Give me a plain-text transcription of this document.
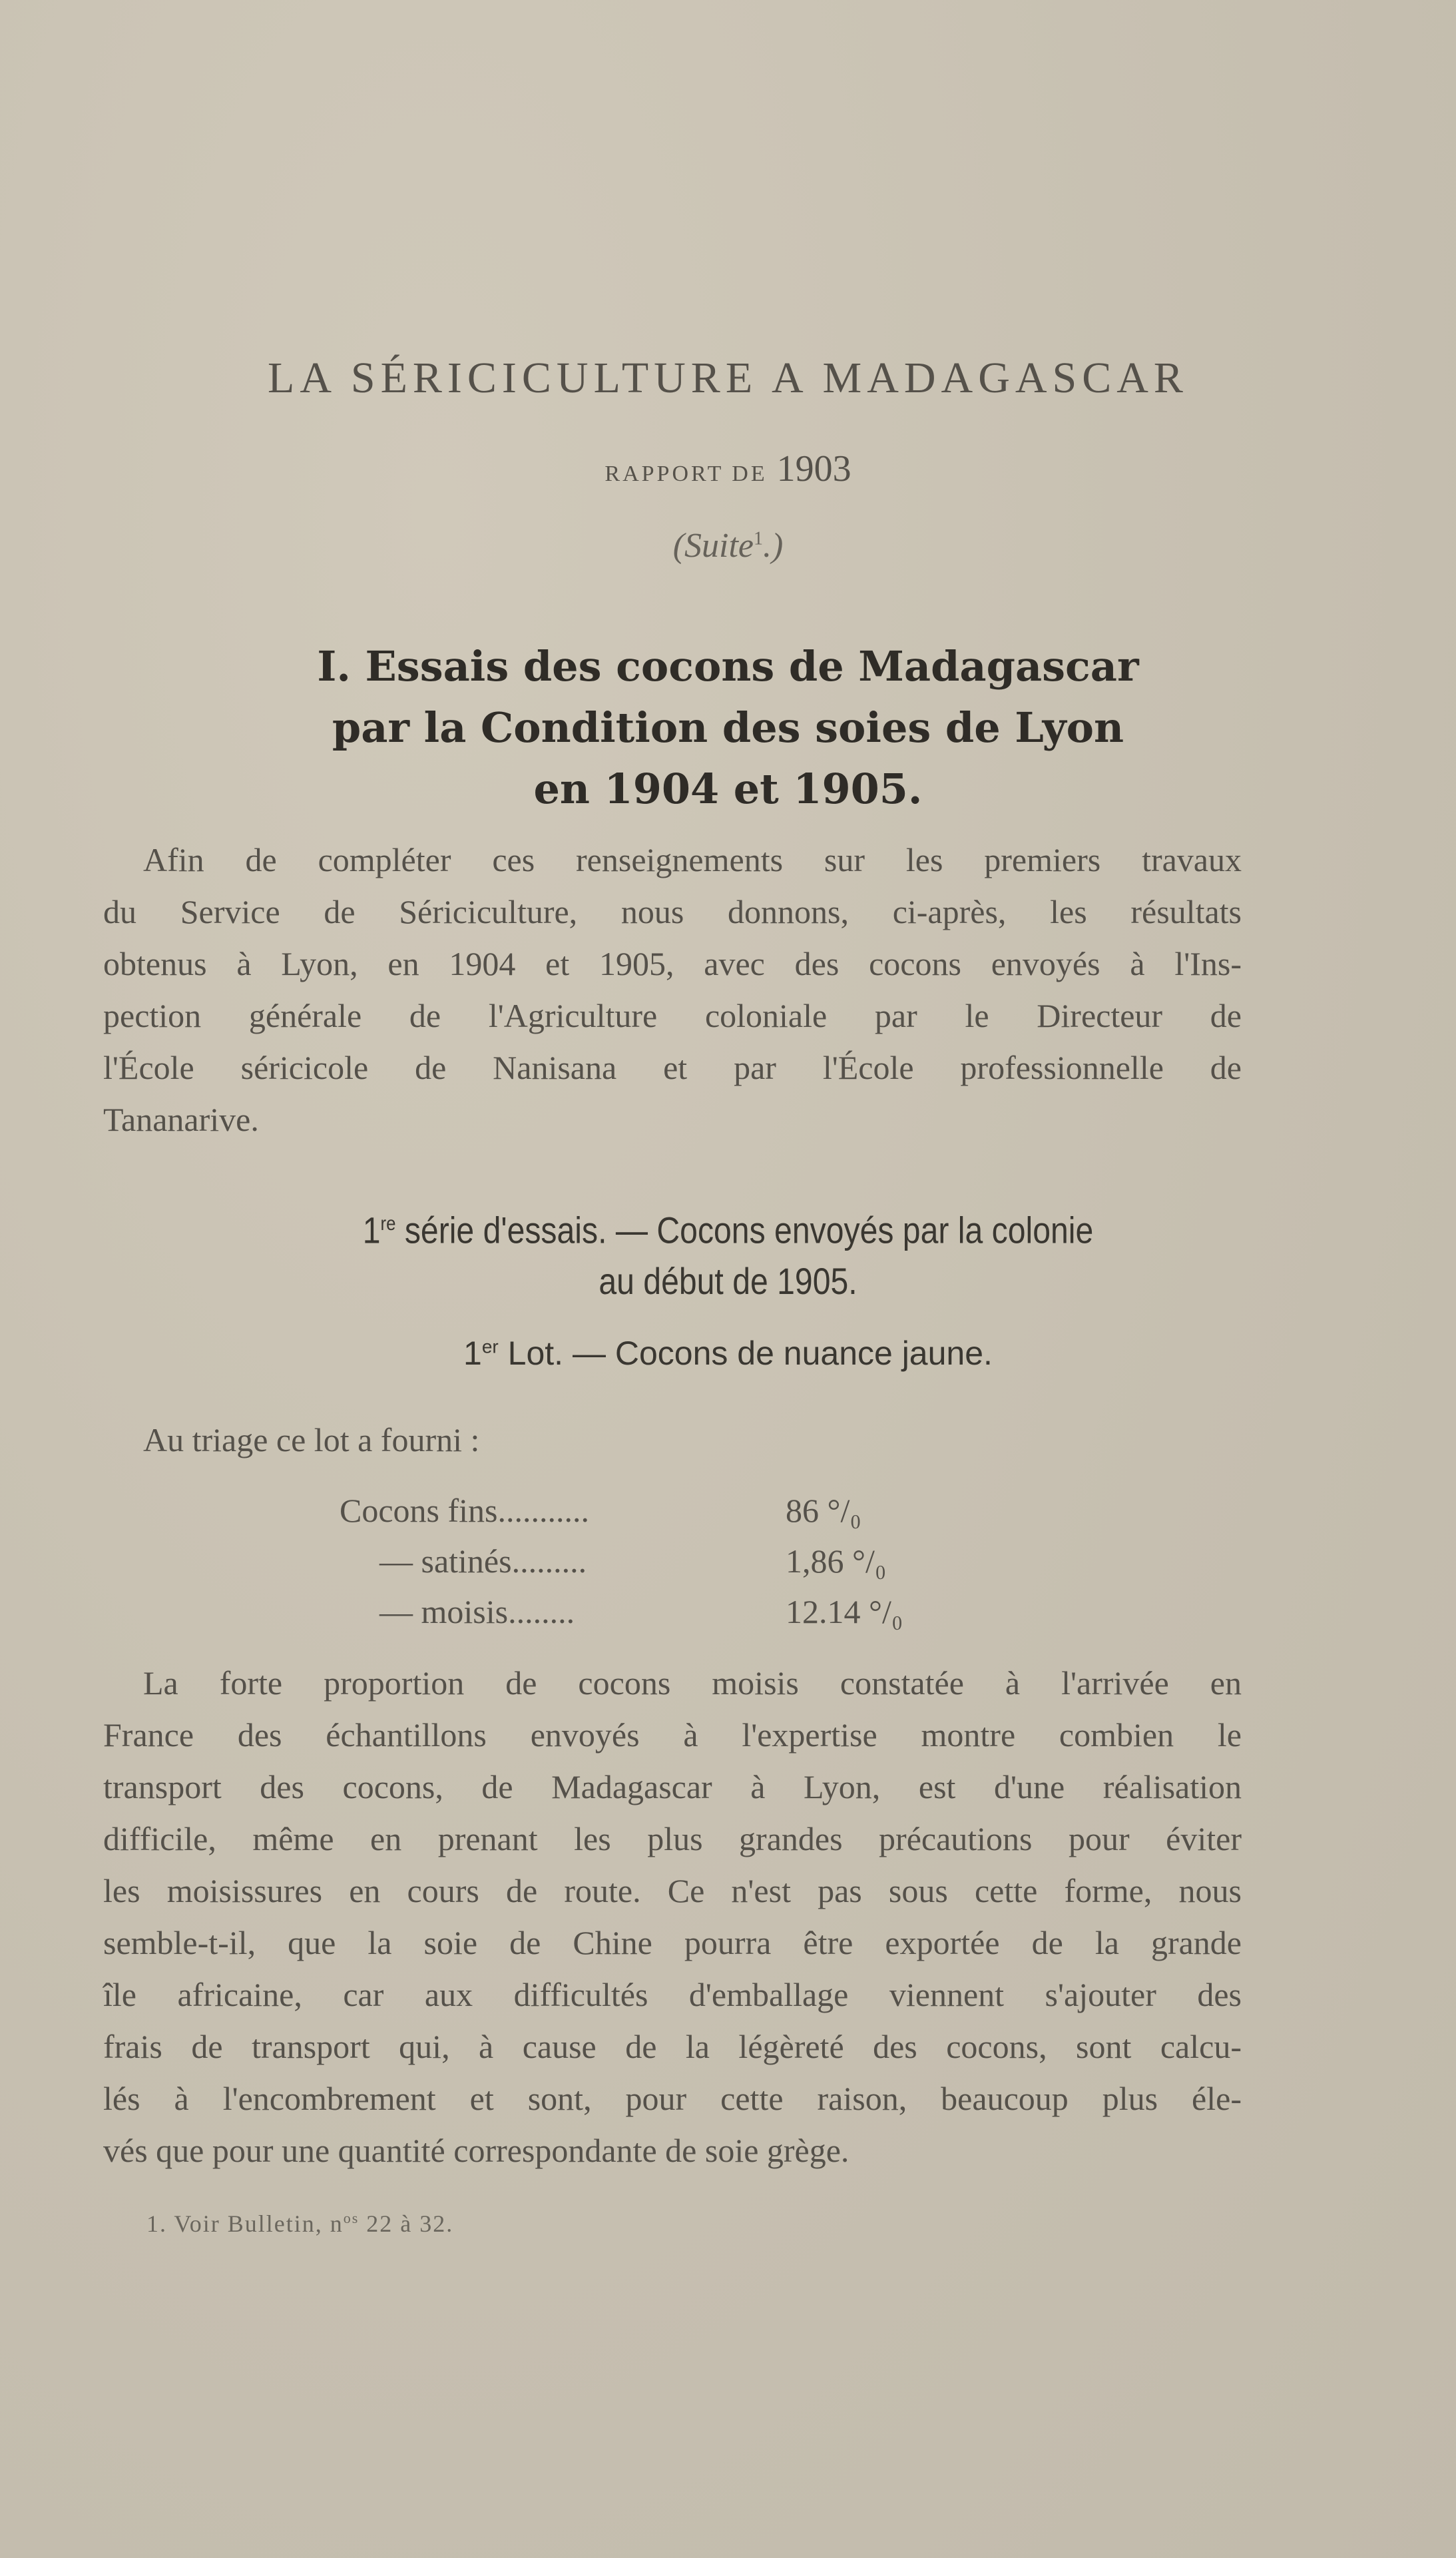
LA SÉRICICULTURE A MADAGASCAR
RAPPORT DE 1903
(Suite$^1$.)
I. Essais des cocons de Madagascar
par la Condition des soies de Lyon
en 1904 et 1905.
Afin de compléter ces renseignements sur les premiers travaux
du Service de Sériciculture, nous donnons, ci-après, les résultats
obtenus à Lyon, en 1904 et 1905, avec des cocons envoyés à l'Ins-
pection générale de l'Agriculture coloniale par le Directeur de
l'École séricicole de Nanisana et par l'École professionnelle de
Tananarive.
1re série d'essais. — Cocons envoyés par la colonie
au début de 1905.
1er Lot. — Cocons de nuance jaune.
Au triage ce lot a fourni :
Cocons fins...........	86 °/₀
— satinés.........	1,86 °/₀
— moisis........	12.14 °/₀
La forte proportion de cocons moisis constatée à l'arrivée en
France des échantillons envoyés à l'expertise montre combien le
transport des cocons, de Madagascar à Lyon, est d'une réalisation
difficile, même en prenant les plus grandes précautions pour éviter
les moisissures en cours de route. Ce n'est pas sous cette forme, nous
semble-t-il, que la soie de Chine pourra être exportée de la grande
île africaine, car aux difficultés d'emballage viennent s'ajouter des
frais de transport qui, à cause de la légèreté des cocons, sont calcu-
lés à l'encombrement et sont, pour cette raison, beaucoup plus éle-
vés que pour une quantité correspondante de soie grège.
1. Voir Bulletin, $n^{os}$ 22 à 32.
